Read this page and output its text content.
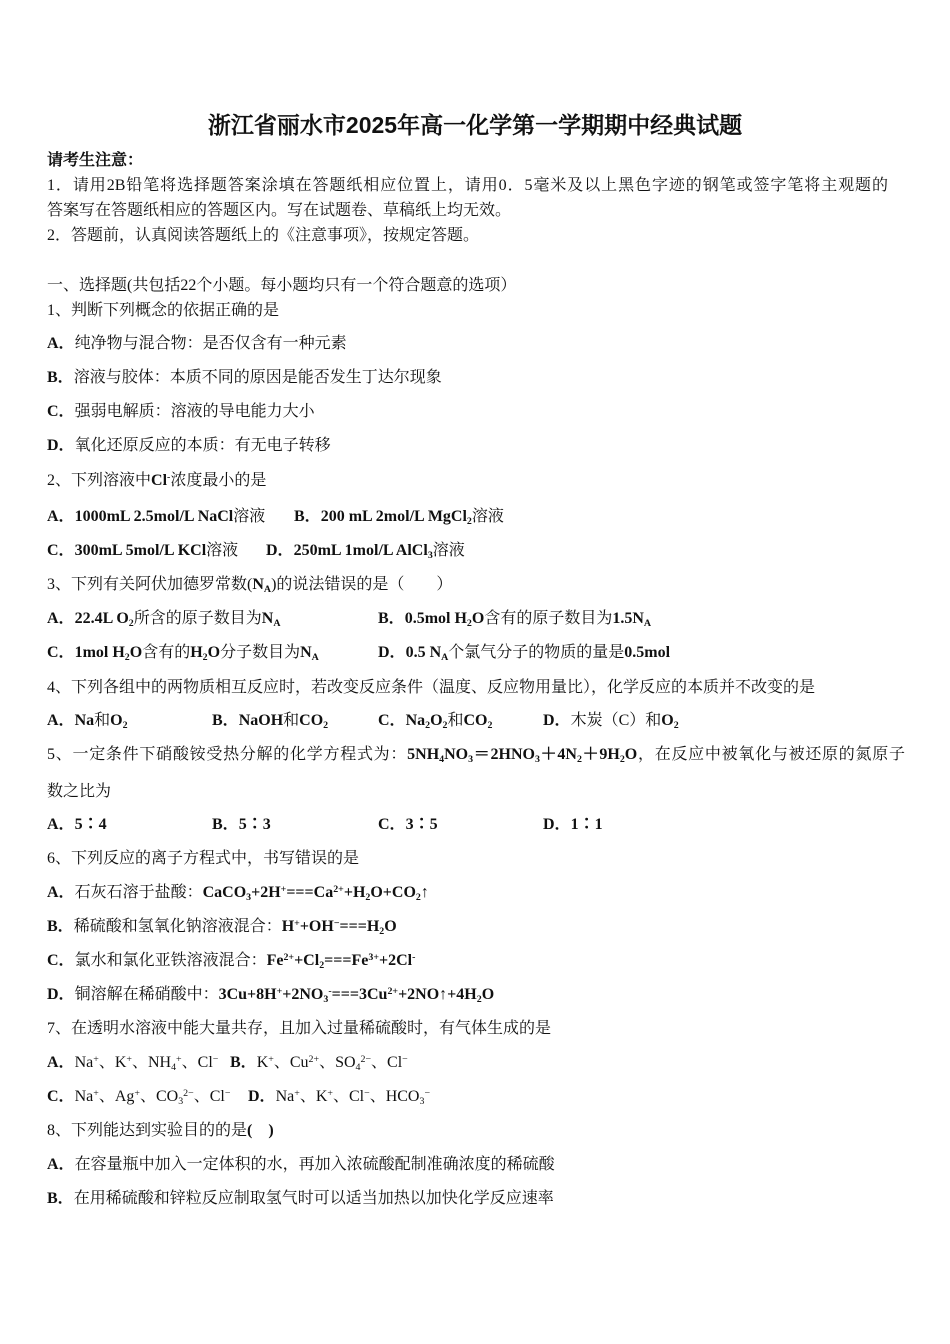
浙江省丽水市2025年高一化学第一学期期中经典试题
请考生注意：
1．请用2B铅笔将选择题答案涂填在答题纸相应位置上，请用0．5毫米及以上黑色字迹的钢笔或签字笔将主观题的
答案写在答题纸相应的答题区内。写在试题卷、草稿纸上均无效。
2．答题前，认真阅读答题纸上的《注意事项》，按规定答题。
一、选择题(共包括22个小题。每小题均只有一个符合题意的选项）
1、判断下列概念的依据正确的是
A．纯净物与混合物：是否仅含有一种元素
B．溶液与胶体：本质不同的原因是能否发生丁达尔现象
C．强弱电解质：溶液的导电能力大小
D．氧化还原反应的本质：有无电子转移
2、下列溶液中Cl-浓度最小的是
A．1000mL 2.5mol/L NaCl溶液 B．200 mL 2mol/L MgCl2溶液
C．300mL 5mol/L KCl溶液 D．250mL 1mol/L AlCl3溶液
3、下列有关阿伏加德罗常数(NA)的说法错误的是（　　）
A．22.4L O2所含的原子数目为NA	B．0.5mol H2O含有的原子数目为1.5NA
C．1mol H2O含有的H2O分子数目为NA	D．0.5 NA个氯气分子的物质的量是0.5mol
4、下列各组中的两物质相互反应时，若改变反应条件（温度、反应物用量比），化学反应的本质并不改变的是
A．Na和O2	B．NaOH和CO2	C．Na2O2和CO2	D．木炭（C）和O2
5、一定条件下硝酸铵受热分解的化学方程式为：5NH4NO3＝2HNO3＋4N2＋9H2O，在反应中被氧化与被还原的氮原子
数之比为
A．5∶4	B．5∶3	C．3∶5	D．1∶1
6、下列反应的离子方程式中，书写错误的是
A．石灰石溶于盐酸：$CaCO3+2H^+===Ca^{2+}+H2O+CO2↑$
B．稀硫酸和氢氧化钠溶液混合：H++OH−===H2O
C．氯水和氯化亚铁溶液混合：$Fe^{2+}+Cl2===Fe^{3+}+2Cl^-$
D．铜溶解在稀硝酸中：$3Cu+8H^++2NO3^-===3Cu^{2+}+2NO↑+4H2O$
7、在透明水溶液中能大量共存，且加入过量稀硫酸时，有气体生成的是
A．Na+、K+、NH4+、Cl− B．K+、$Cu^{2+}$、$SO4^{2-}$、Cl−
C．Na+、Ag+、$CO3^{2-}$、Cl− D．Na+、K+、Cl−、HCO3−
8、下列能达到实验目的的是(　)
A．在容量瓶中加入一定体积的水，再加入浓硫酸配制准确浓度的稀硫酸
B．在用稀硫酸和锌粒反应制取氢气时可以适当加热以加快化学反应速率
